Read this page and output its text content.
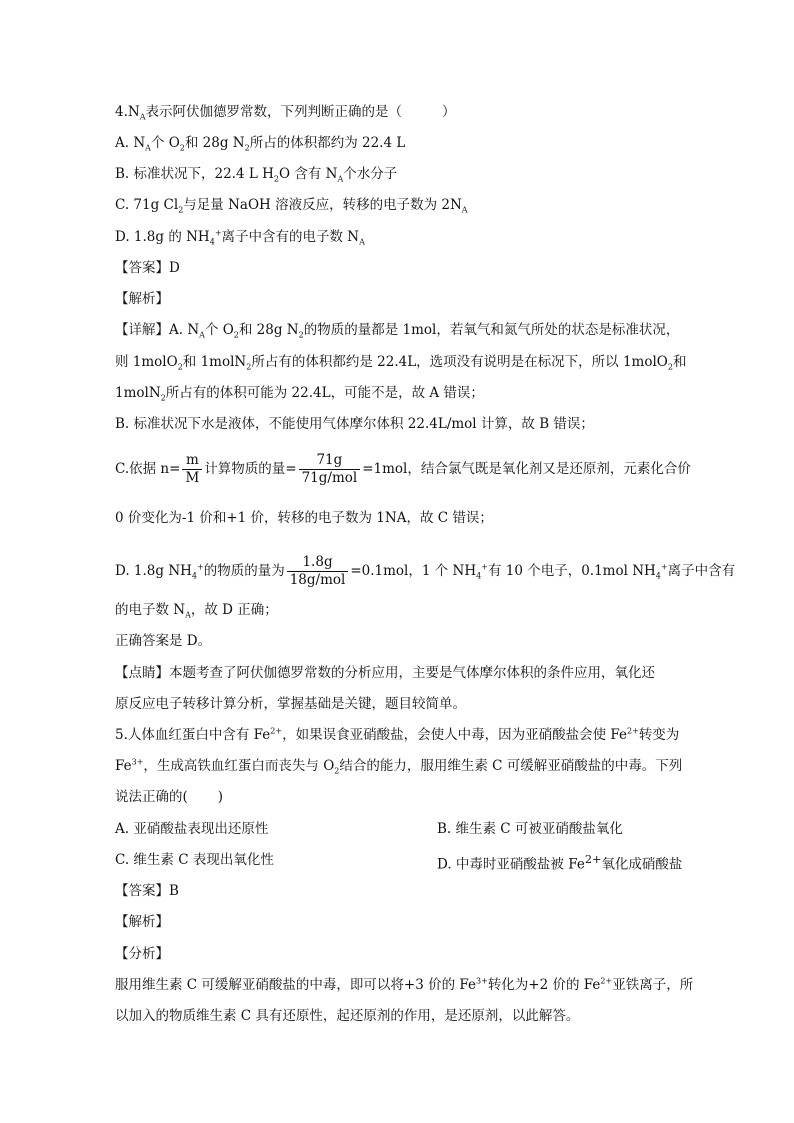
$4.N_A$表示阿伏伽德罗常数，下列判断正确的是（	）
A. $N_A$个 $O_2$和 28g $N_2$所占的体积都约为 22.4 L
B. 标准状况下，22.4 L $H_2O$ 含有 $N_A$个水分子
C. 71g $Cl_2$与足量 NaOH 溶液反应，转移的电子数为 $2N_A$
D. 1.8g 的 $NH_4^+$离子中含有的电子数 $N_A$
【答案】D
【解析】
【详解】A. $N_A$个 $O_2$和 28g $N_2$的物质的量都是 1mol，若氧气和氮气所处的状态是标准状况，
则 1molO$_2$和 1molN$_2$所占有的体积都约是 22.4L，选项没有说明是在标况下，所以 1molO$_2$和
1molN$_2$所占有的体积可能为 22.4L，可能不是，故 A 错误；
B. 标准状况下水是液体，不能使用气体摩尔体积 22.4L/mol 计算，故 B 错误；
C.依据 $n= \frac{m}{M}$ 计算物质的量= $\frac{71g}{\text{71g/mol}} =1mol$，结合氯气既是氧化剂又是还原剂，元素化合价
0 价变化为-1 价和+1 价，转移的电子数为 1NA，故 C 错误；
D. 1.8g $NH_4^+$的物质的量为 $\frac{1.8g}{\text{18g/mol}} =0.1mol$，1 个 $NH_4^+$有 10 个电子，0.1mol $NH_4^+$离子中含有
的电子数 $N_A$，故 D 正确；
正确答案是 D。
【点睛】本题考查了阿伏伽德罗常数的分析应用，主要是气体摩尔体积的条件应用，氧化还
原反应电子转移计算分析，掌握基础是关键，题目较简单。
5.人体血红蛋白中含有 $Fe^{2+}$，如果误食亚硝酸盐，会使人中毒，因为亚硝酸盐会使 $Fe^{2+}$转变为
$Fe^{3+}$，生成高铁血红蛋白而丧失与 $O_2$结合的能力，服用维生素 C 可缓解亚硝酸盐的中毒。下列
说法正确的( )
A. 亚硝酸盐表现出还原性	B. 维生素 C 可被亚硝酸盐氧化
C. 维生素 C 表现出氧化性	D. 中毒时亚硝酸盐被 $Fe^{2+}$氧化成硝酸盐
【答案】B
【解析】
【分析】
服用维生素 C 可缓解亚硝酸盐的中毒，即可以将+3 价的 $Fe^{3+}$转化为+2 价的 $Fe^{2+}$亚铁离子，所
以加入的物质维生素 C 具有还原性，起还原剂的作用，是还原剂，以此解答。
